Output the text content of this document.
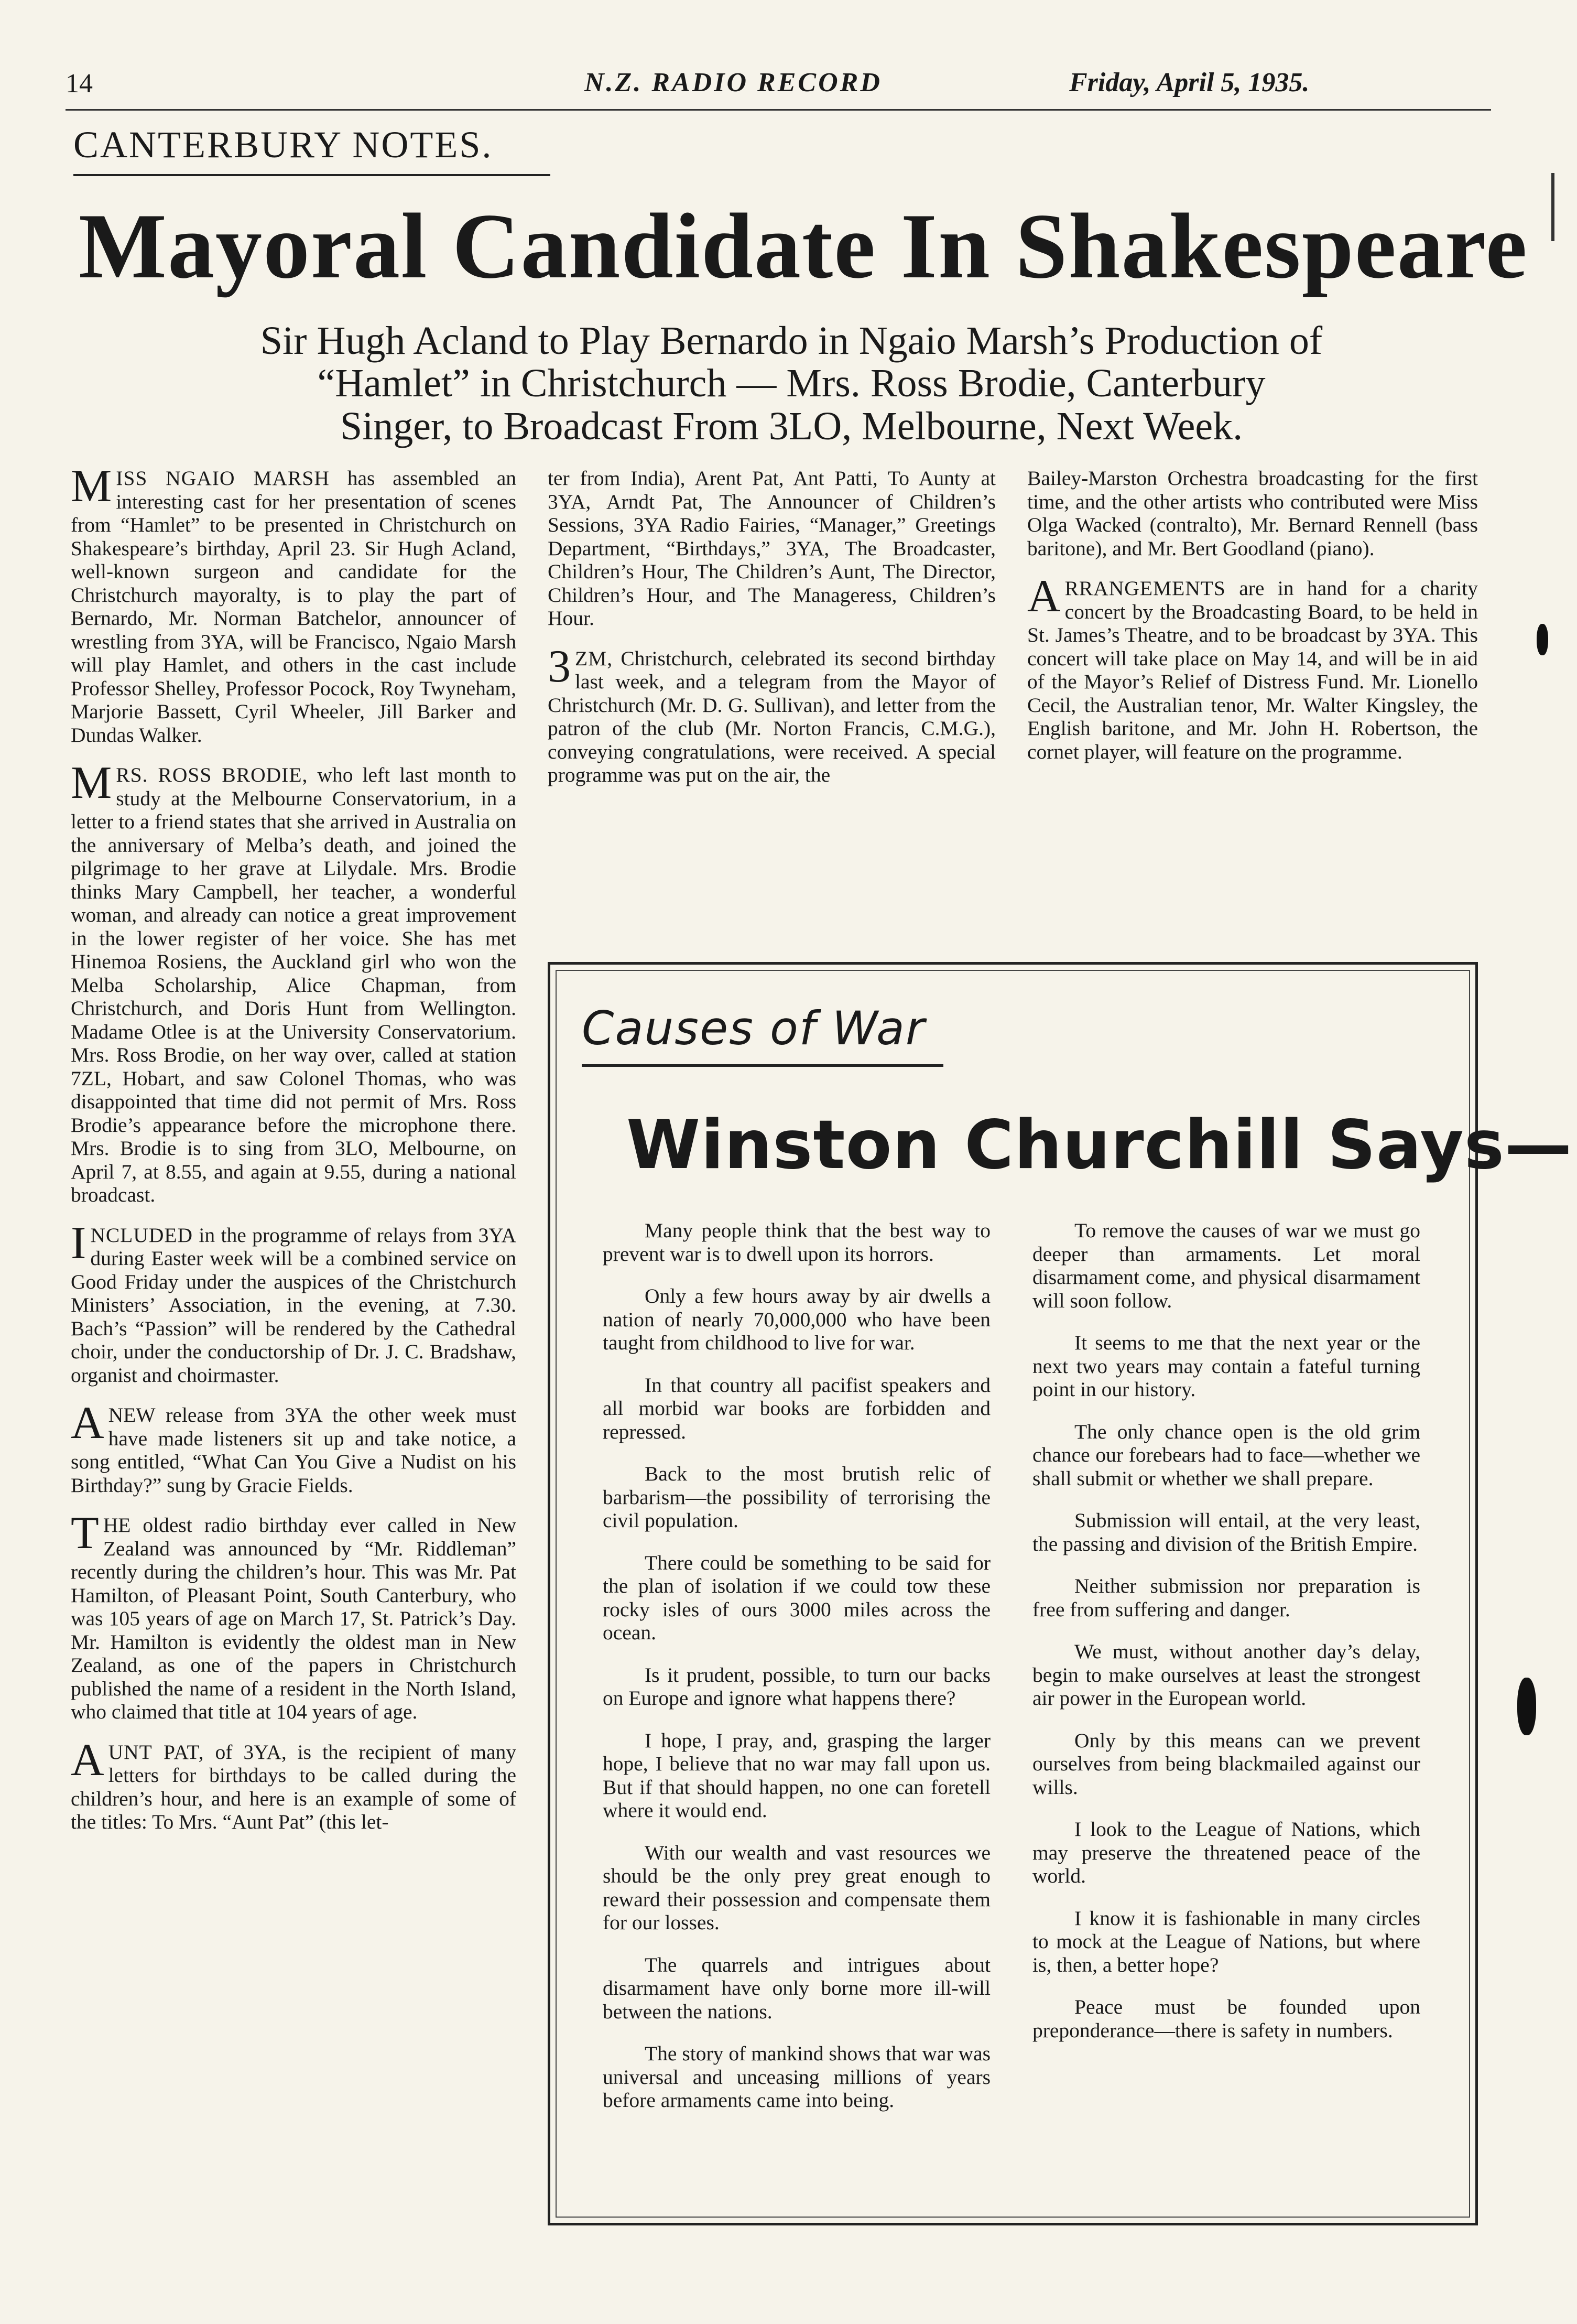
14	N.Z. RADIO RECORD	Friday, April 5, 1935.
CANTERBURY NOTES.
Mayoral Candidate In Shakespeare
Sir Hugh Acland to Play Bernardo in Ngaio Marsh’s Production of
“Hamlet” in Christchurch — Mrs. Ross Brodie, Canterbury
Singer, to Broadcast From 3LO, Melbourne, Next Week.

MISS NGAIO MARSH has assembled an interesting cast for her presentation of scenes from “Hamlet” to be presented in Christchurch on Shakespeare’s birthday, April 23. Sir Hugh Acland, well-known surgeon and candidate for the Christchurch mayoralty, is to play the part of Bernardo, Mr. Norman Batchelor, announcer of wrestling from 3YA, will be Francisco, Ngaio Marsh will play Hamlet, and others in the cast include Professor Shelley, Professor Pocock, Roy Twyneham, Marjorie Bassett, Cyril Wheeler, Jill Barker and Dundas Walker.

MRS. ROSS BRODIE, who left last month to study at the Melbourne Conservatorium, in a letter to a friend states that she arrived in Australia on the anniversary of Melba’s death, and joined the pilgrimage to her grave at Lilydale. Mrs. Brodie thinks Mary Campbell, her teacher, a wonderful woman, and already can notice a great improvement in the lower register of her voice. She has met Hinemoa Rosiens, the Auckland girl who won the Melba Scholarship, Alice Chapman, from Christchurch, and Doris Hunt from Wellington. Madame Otlee is at the University Conservatorium. Mrs. Ross Brodie, on her way over, called at station 7ZL, Hobart, and saw Colonel Thomas, who was disappointed that time did not permit of Mrs. Ross Brodie’s appearance before the microphone there. Mrs. Brodie is to sing from 3LO, Melbourne, on April 7, at 8.55, and again at 9.55, during a national broadcast.

INCLUDED in the programme of relays from 3YA during Easter week will be a combined service on Good Friday under the auspices of the Christchurch Ministers’ Association, in the evening, at 7.30. Bach’s “Passion” will be rendered by the Cathedral choir, under the conductorship of Dr. J. C. Bradshaw, organist and choirmaster.

A NEW release from 3YA the other week must have made listeners sit up and take notice, a song entitled, “What Can You Give a Nudist on his Birthday?” sung by Gracie Fields.

THE oldest radio birthday ever called in New Zealand was announced by “Mr. Riddleman” recently during the children’s hour. This was Mr. Pat Hamilton, of Pleasant Point, South Canterbury, who was 105 years of age on March 17, St. Patrick’s Day. Mr. Hamilton is evidently the oldest man in New Zealand, as one of the papers in Christchurch published the name of a resident in the North Island, who claimed that title at 104 years of age.

AUNT PAT, of 3YA, is the recipient of many letters for birthdays to be called during the children’s hour, and here is an example of some of the titles: To Mrs. “Aunt Pat” (this let-

ter from India), Arent Pat, Ant Patti, To Aunty at 3YA, Arndt Pat, The Announcer of Children’s Sessions, 3YA Radio Fairies, “Manager,” Greetings Department, “Birthdays,” 3YA, The Broadcaster, Children’s Hour, The Children’s Aunt, The Director, Children’s Hour, and The Manageress, Children’s Hour.

3 ZM, Christchurch, celebrated its second birthday last week, and a telegram from the Mayor of Christchurch (Mr. D. G. Sullivan), and letter from the patron of the club (Mr. Norton Francis, C.M.G.), conveying congratulations, were received. A special programme was put on the air, the

Bailey-Marston Orchestra broadcasting for the first time, and the other artists who contributed were Miss Olga Wacked (contralto), Mr. Bernard Rennell (bass baritone), and Mr. Bert Goodland (piano).

ARRANGEMENTS are in hand for a charity concert by the Broadcasting Board, to be held in St. James’s Theatre, and to be broadcast by 3YA. This concert will take place on May 14, and will be in aid of the Mayor’s Relief of Distress Fund. Mr. Lionello Cecil, the Australian tenor, Mr. Walter Kingsley, the English baritone, and Mr. John H. Robertson, the cornet player, will feature on the programme.

Causes of War
Winston Churchill Says—

Many people think that the best way to prevent war is to dwell upon its horrors.

Only a few hours away by air dwells a nation of nearly 70,000,000 who have been taught from childhood to live for war.

In that country all pacifist speakers and all morbid war books are forbidden and repressed.

Back to the most brutish relic of barbarism—the possibility of terrorising the civil population.

There could be something to be said for the plan of isolation if we could tow these rocky isles of ours 3000 miles across the ocean.

Is it prudent, possible, to turn our backs on Europe and ignore what happens there?

I hope, I pray, and, grasping the larger hope, I believe that no war may fall upon us. But if that should happen, no one can foretell where it would end.

With our wealth and vast resources we should be the only prey great enough to reward their possession and compensate them for our losses.

The quarrels and intrigues about disarmament have only borne more ill-will between the nations.

The story of mankind shows that war was universal and unceasing millions of years before armaments came into being.

To remove the causes of war we must go deeper than armaments. Let moral disarmament come, and physical disarmament will soon follow.

It seems to me that the next year or the next two years may contain a fateful turning point in our history.

The only chance open is the old grim chance our forebears had to face—whether we shall submit or whether we shall prepare.

Submission will entail, at the very least, the passing and division of the British Empire.

Neither submission nor preparation is free from suffering and danger.

We must, without another day’s delay, begin to make ourselves at least the strongest air power in the European world.

Only by this means can we prevent ourselves from being blackmailed against our wills.

I look to the League of Nations, which may preserve the threatened peace of the world.

I know it is fashionable in many circles to mock at the League of Nations, but where is, then, a better hope?

Peace must be founded upon preponderance—there is safety in numbers.
